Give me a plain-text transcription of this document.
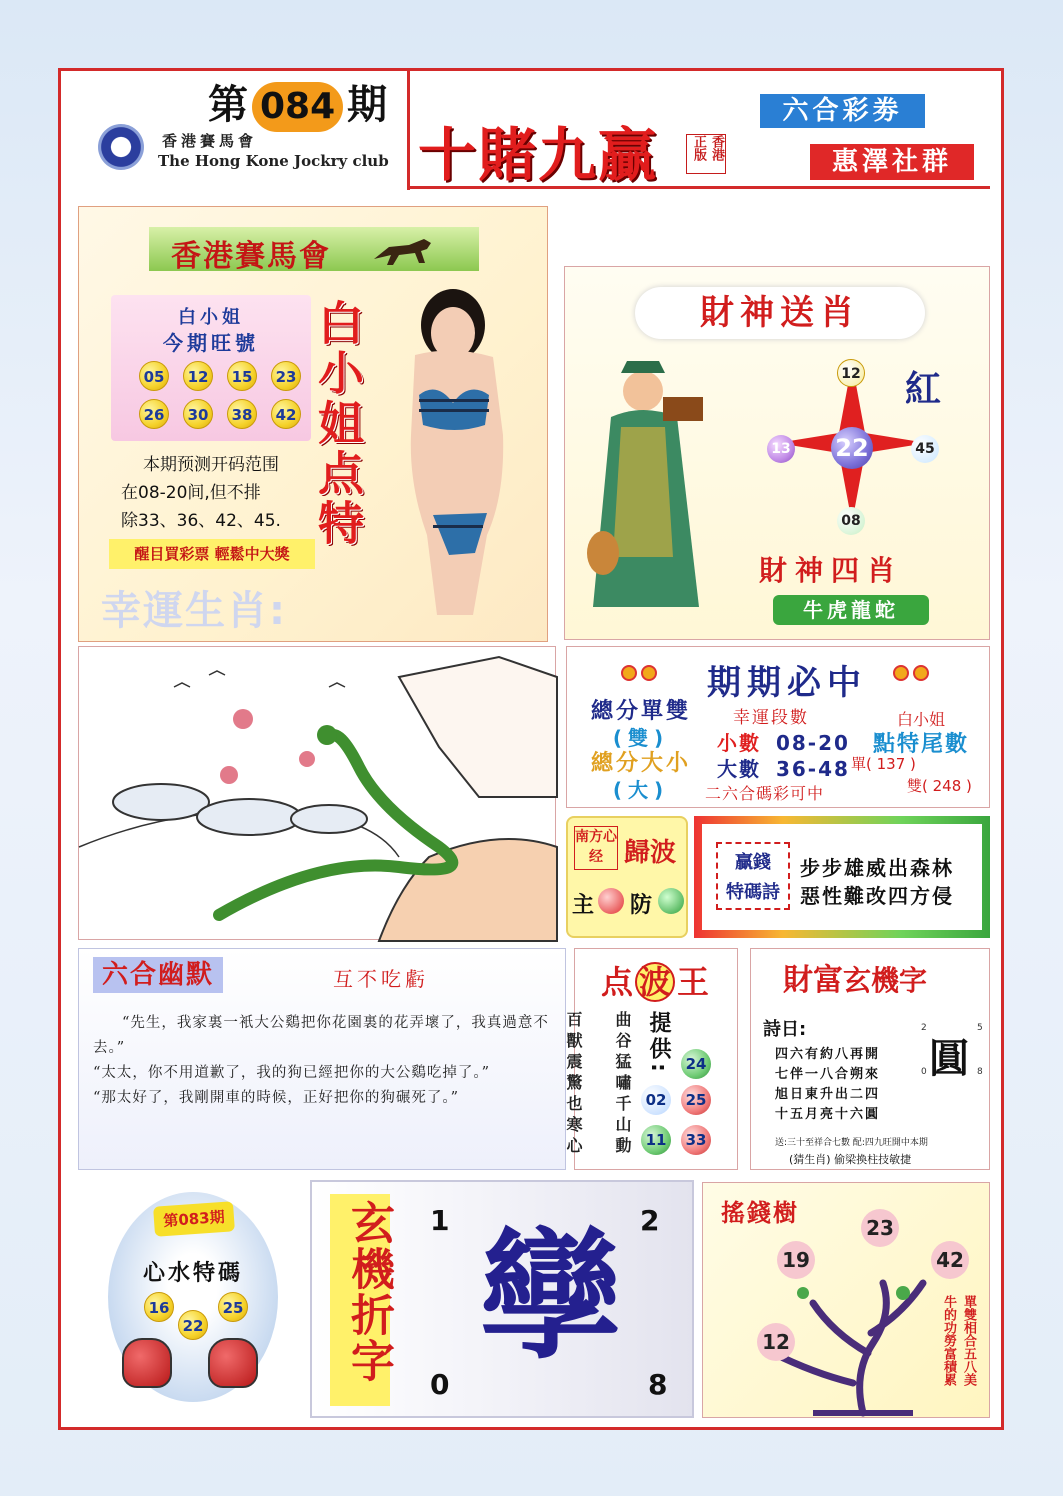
第 084 期
香港賽馬會
The Hong Kone Jockry club 十賭九贏	香港正版
六合彩劵
惠澤社群
香港賽馬會
白小姐
今期旺號
05	12	15	23
26	30	38	42
本期预测开码范围
在08-20间,但不排
除33、36、42、45.
醒目買彩票 輕鬆中大獎
幸運生肖:
白小姐点特	財神送肖
22
12
13	45
08
紅
財神四肖
牛虎龍蛇
期期必中
總分單雙
(雙)
總分大小
(大)
幸運段數
小數 08-20
大數 36-48
二六合碼彩可中
白小姐
點特尾數
單( 137 )
雙( 248 )
南方心经 歸波
主 防
贏錢
特碼詩
步步雄威出森林
惡性難改四方侵
六合幽默	互不吃虧
“先生，我家裏一衹大公鷄把你花園裏的花弄壞了，我真過意不去。”
“太太，你不用道歉了，我的狗已經把你的大公鷄吃掉了。”
“那太好了，我剛開車的時候，正好把你的狗碾死了。”
点 波 王
百獸震驚也寒心 曲谷猛嘯千山動 提供: 24
02	25
11	33
財富玄機字
詩日:
四六有約八再開
七伴一八合朔來
旭日東升出二四
十五月亮十六圓
2	5
圓
0	8
送:三十至祥合七數 配:四九旺開中本期
(猜生肖) 偷梁換柱技敏捷
第083期
心水特碼
16
22
25 玄機折字 1	2
孿
0	8
搖錢樹
23
19	42
12	單雙相合五八美
牛的功勞富積累
